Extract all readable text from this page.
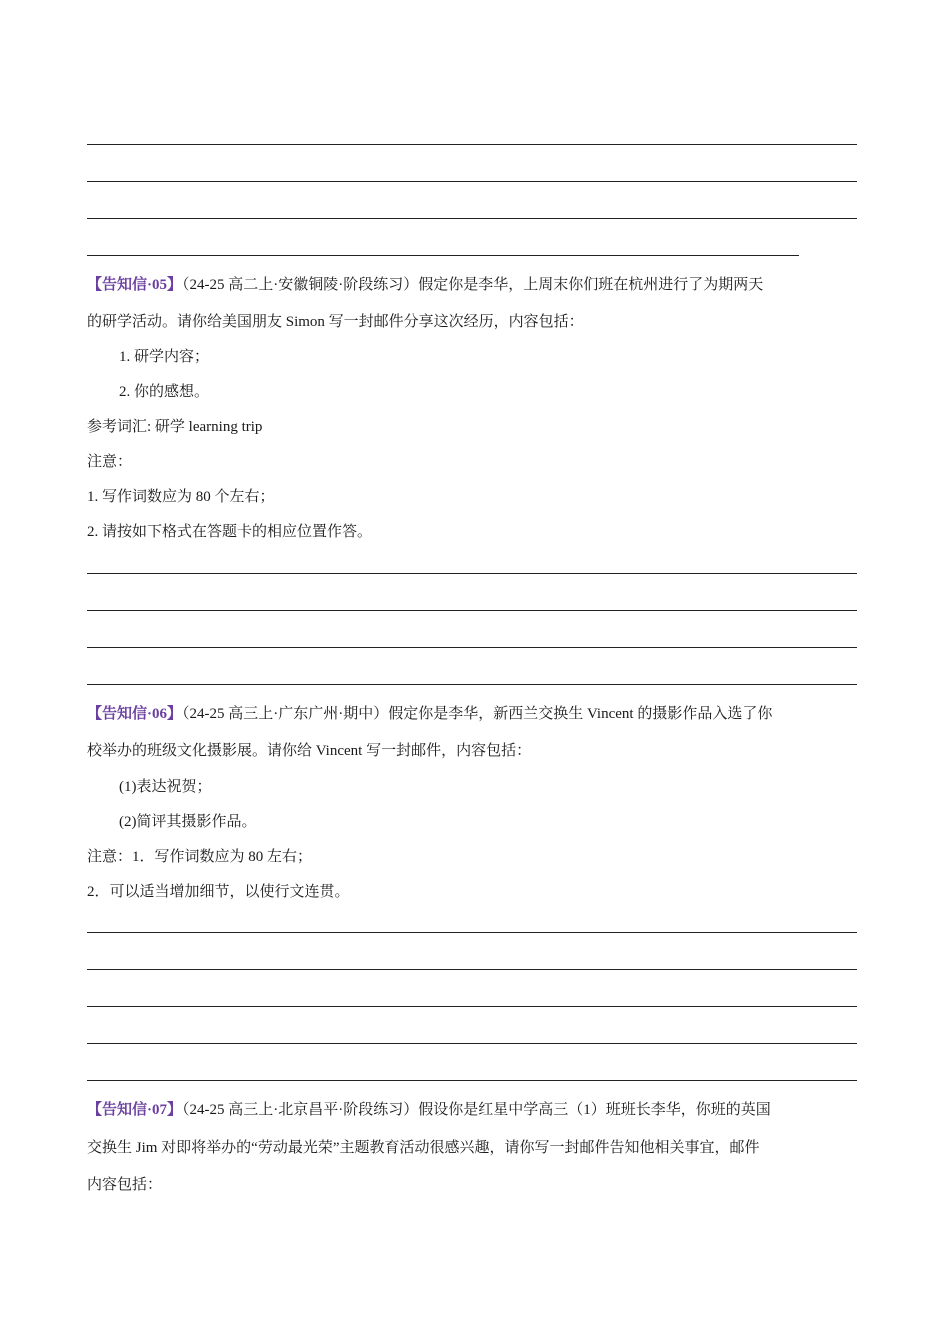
【告知信·05】（24-25 高二上·安徽铜陵·阶段练习）假定你是李华，上周末你们班在杭州进行了为期两天
的研学活动。请你给美国朋友 Simon 写一封邮件分享这次经历，内容包括：
1. 研学内容；
2. 你的感想。
参考词汇: 研学 learning trip
注意：
1. 写作词数应为 80 个左右；
2. 请按如下格式在答题卡的相应位置作答。
【告知信·06】（24-25 高三上·广东广州·期中）假定你是李华，新西兰交换生 Vincent 的摄影作品入选了你
校举办的班级文化摄影展。请你给 Vincent 写一封邮件，内容包括：
(1)表达祝贺；
(2)简评其摄影作品。
注意：1．写作词数应为 80 左右；
2．可以适当增加细节，以使行文连贯。
【告知信·07】（24-25 高三上·北京昌平·阶段练习）假设你是红星中学高三（1）班班长李华，你班的英国
交换生 Jim 对即将举办的“劳动最光荣”主题教育活动很感兴趣，请你写一封邮件告知他相关事宜，邮件
内容包括：
